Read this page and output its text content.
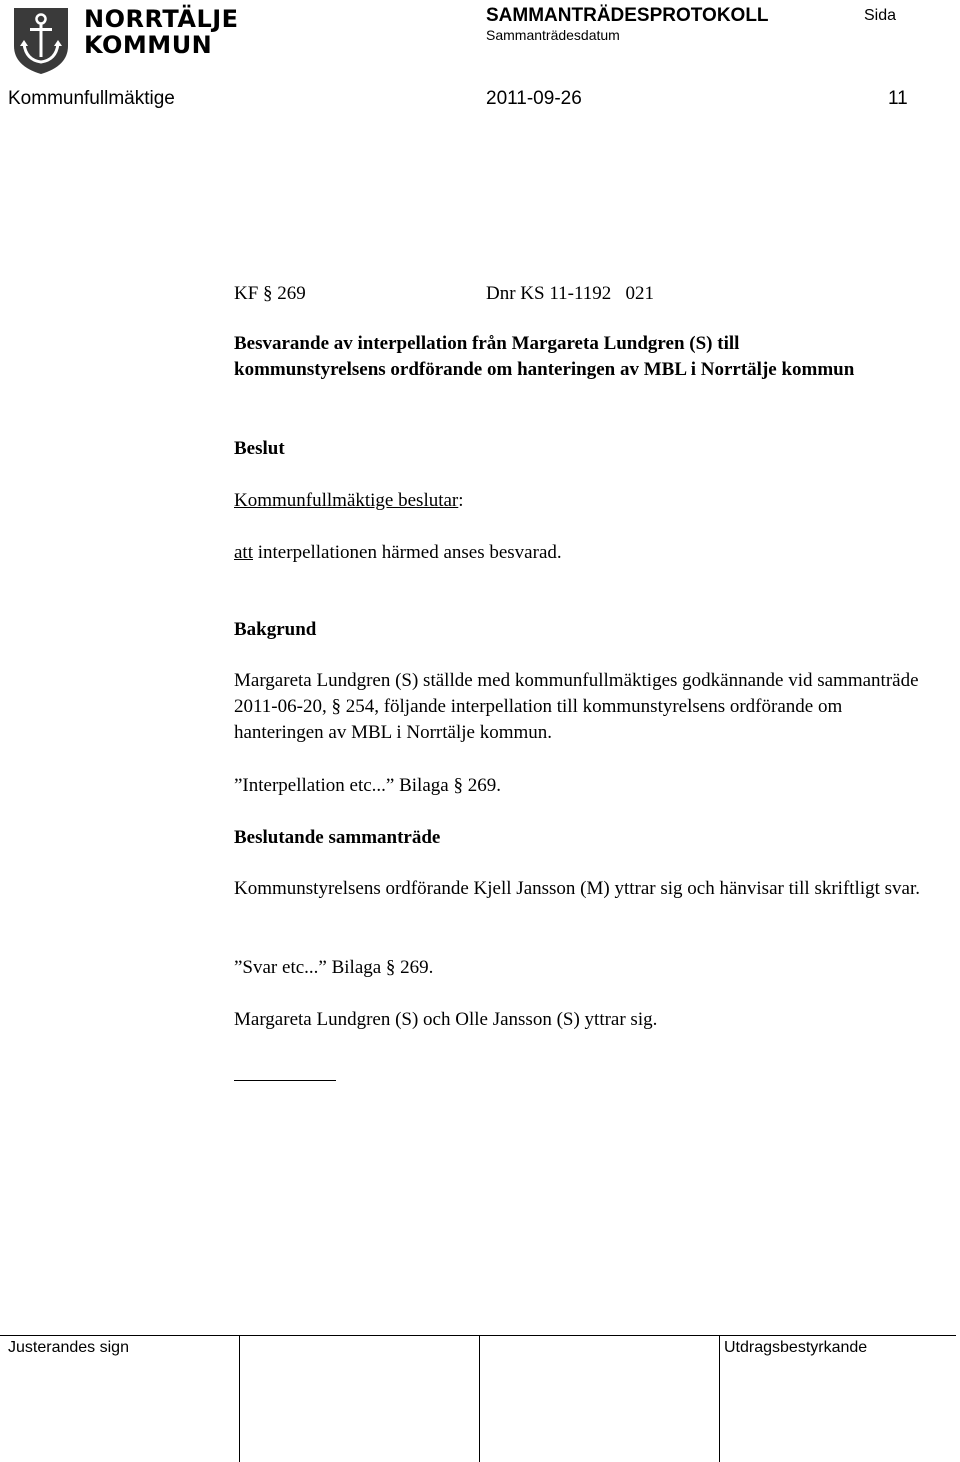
NORRTÄLJE
KOMMUN
SAMMANTRÄDESPROTOKOLL
Sammanträdesdatum
Sida
Kommunfullmäktige	2011-09-26	11
KF § 269	Dnr KS 11-1192   021
Besvarande av interpellation från Margareta Lundgren (S) till kommunstyrelsens ordförande om hanteringen av MBL i Norrtälje kommun
Beslut
Kommunfullmäktige beslutar:
att interpellationen härmed anses besvarad.
Bakgrund
Margareta Lundgren (S) ställde med kommunfullmäktiges godkännande vid sammanträde 2011-06-20, § 254, följande interpellation till kommunstyrelsens ordförande om hanteringen av MBL i Norrtälje kommun.
”Interpellation etc...” Bilaga § 269.
Beslutande sammanträde
Kommunstyrelsens ordförande Kjell Jansson (M) yttrar sig och hänvisar till skriftligt svar.
”Svar etc...” Bilaga § 269.
Margareta Lundgren (S) och Olle Jansson (S) yttrar sig.
Justerandes sign	Utdragsbestyrkande
